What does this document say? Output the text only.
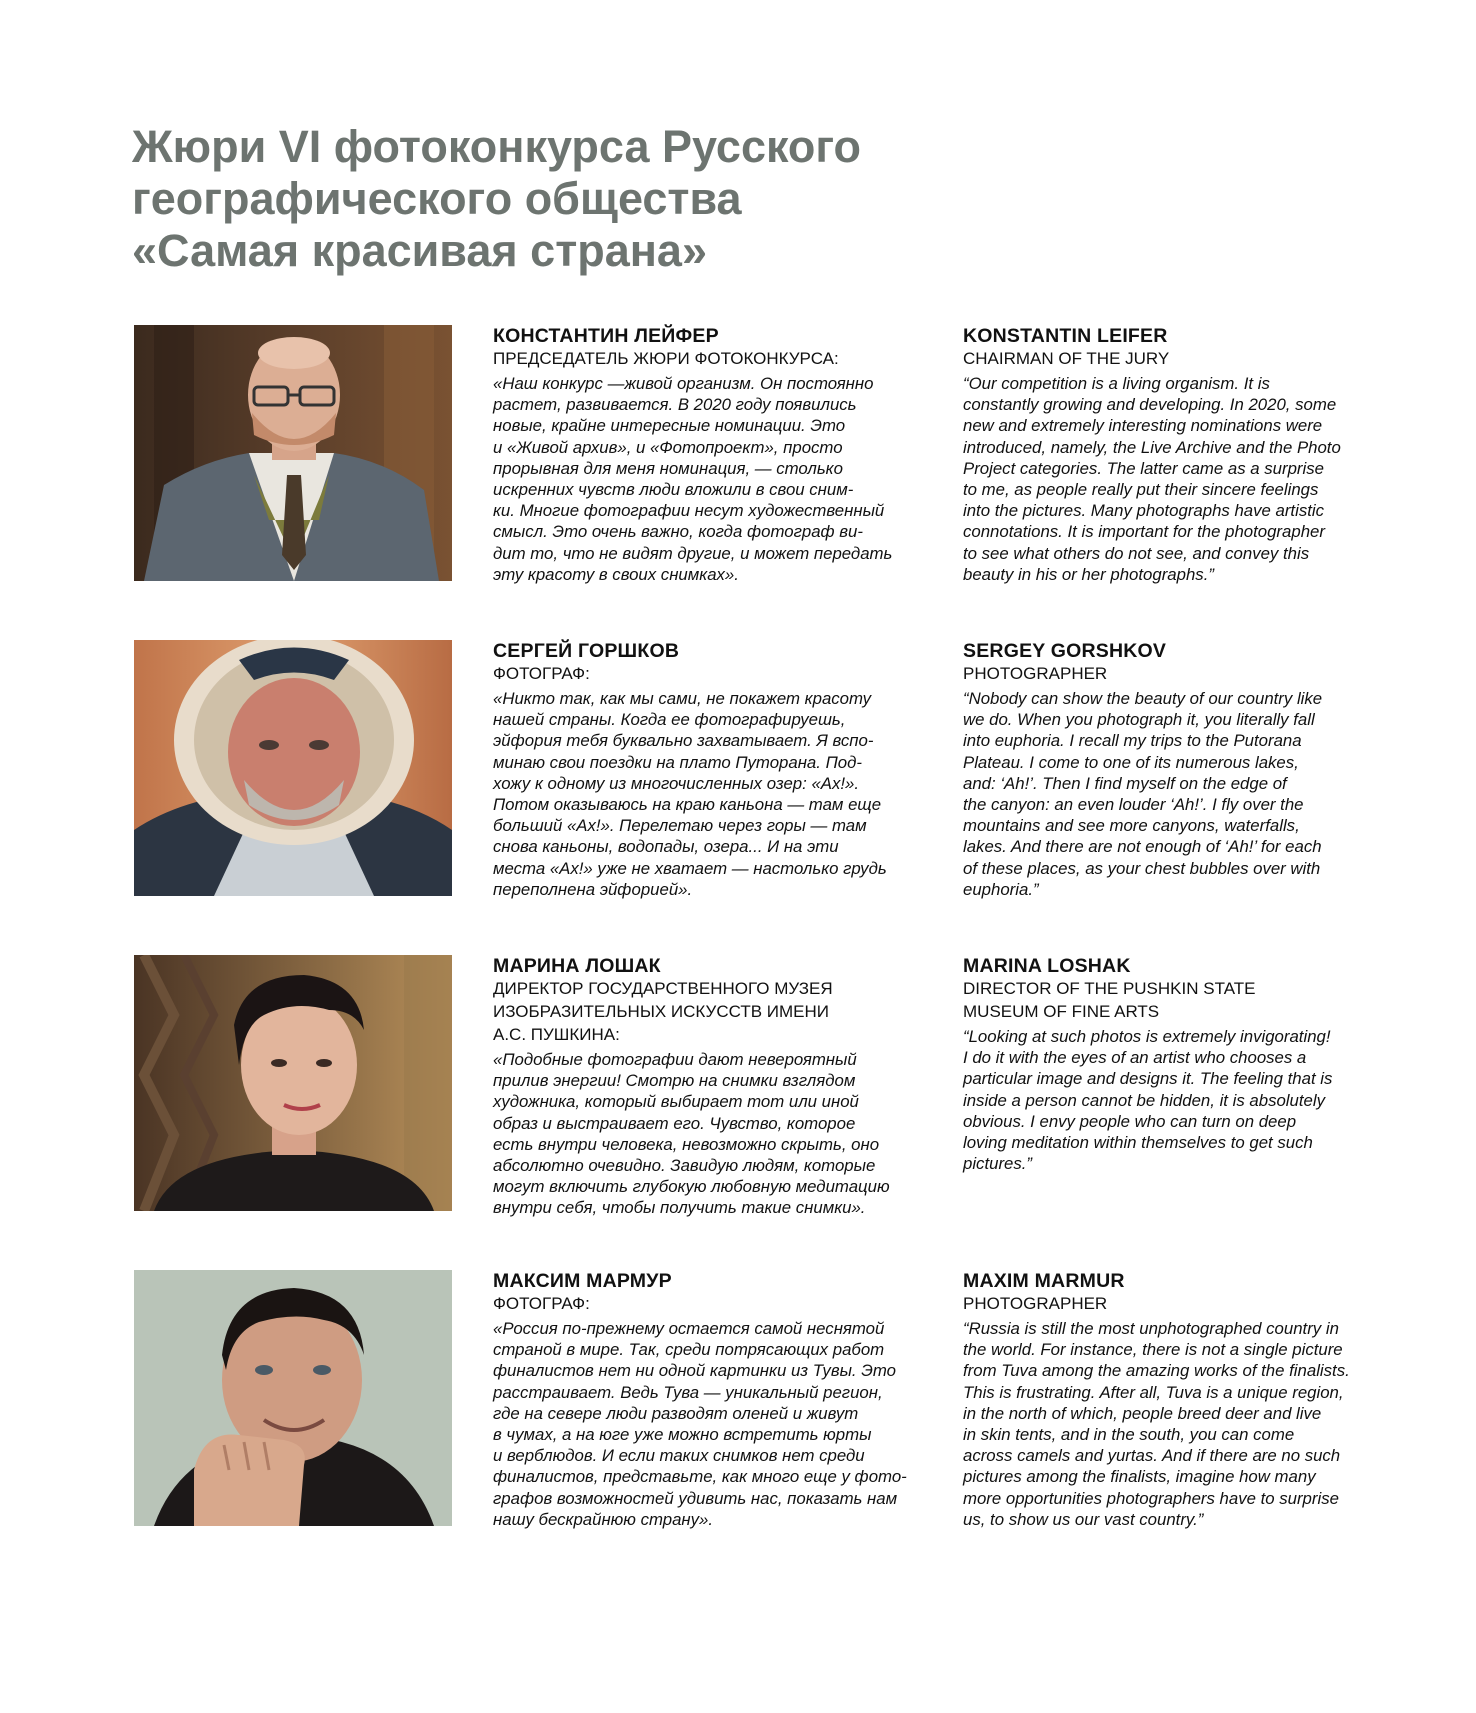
Жюри VI фотоконкурса Русского
географического общества
«Самая красивая страна»
КОНСТАНТИН ЛЕЙФЕР
ПРЕДСЕДАТЕЛЬ ЖЮРИ ФОТОКОНКУРСА:
«Наш конкурс —живой организм. Он постоянно
растет, развивается. В 2020 году появились
новые, крайне интересные номинации. Это
и «Живой архив», и «Фотопроект», просто
прорывная для меня номинация, — столько
искренних чувств люди вложили в свои сним-
ки. Многие фотографии несут художественный
смысл. Это очень важно, когда фотограф ви-
дит то, что не видят другие, и может передать
эту красоту в своих снимках».
KONSTANTIN LEIFER
CHAIRMAN OF THE JURY
“Our competition is a living organism. It is
constantly growing and developing. In 2020, some
new and extremely interesting nominations were
introduced, namely, the Live Archive and the Photo
Project categories. The latter came as a surprise
to me, as people really put their sincere feelings
into the pictures. Many photographs have artistic
connotations. It is important for the photographer
to see what others do not see, and convey this
beauty in his or her photographs.”
СЕРГЕЙ ГОРШКОВ
ФОТОГРАФ:
«Никто так, как мы сами, не покажет красоту
нашей страны. Когда ее фотографируешь,
эйфория тебя буквально захватывает. Я вспо-
минаю свои поездки на плато Путорана. Под-
хожу к одному из многочисленных озер: «Ах!».
Потом оказываюсь на краю каньона — там еще
больший «Ах!». Перелетаю через горы — там
снова каньоны, водопады, озера... И на эти
места «Ах!» уже не хватает — настолько грудь
переполнена эйфорией».
SERGEY GORSHKOV
PHOTOGRAPHER
“Nobody can show the beauty of our country like
we do. When you photograph it, you literally fall
into euphoria. I recall my trips to the Putorana
Plateau. I come to one of its numerous lakes,
and: ‘Ah!’. Then I find myself on the edge of
the canyon: an even louder ‘Ah!’. I fly over the
mountains and see more canyons, waterfalls,
lakes. And there are not enough of ‘Ah!’ for each
of these places, as your chest bubbles over with
euphoria.”
МАРИНА ЛОШАК
ДИРЕКТОР ГОСУДАРСТВЕННОГО МУЗЕЯ
ИЗОБРАЗИТЕЛЬНЫХ ИСКУССТВ ИМЕНИ
А.С. ПУШКИНА:
«Подобные фотографии дают невероятный
прилив энергии! Смотрю на снимки взглядом
художника, который выбирает тот или иной
образ и выстраивает его. Чувство, которое
есть внутри человека, невозможно скрыть, оно
абсолютно очевидно. Завидую людям, которые
могут включить глубокую любовную медитацию
внутри себя, чтобы получить такие снимки».
MARINA LOSHAK
DIRECTOR OF THE PUSHKIN STATE
MUSEUM OF FINE ARTS
“Looking at such photos is extremely invigorating!
I do it with the eyes of an artist who chooses a
particular image and designs it. The feeling that is
inside a person cannot be hidden, it is absolutely
obvious. I envy people who can turn on deep
loving meditation within themselves to get such
pictures.”
МАКСИМ МАРМУР
ФОТОГРАФ:
«Россия по-прежнему остается самой неснятой
страной в мире. Так, среди потрясающих работ
финалистов нет ни одной картинки из Тувы. Это
расстраивает. Ведь Тува — уникальный регион,
где на севере люди разводят оленей и живут
в чумах, а на юге уже можно встретить юрты
и верблюдов. И если таких снимков нет среди
финалистов, представьте, как много еще у фото-
графов возможностей удивить нас, показать нам
нашу бескрайнюю страну».
MAXIM MARMUR
PHOTOGRAPHER
“Russia is still the most unphotographed country in
the world. For instance, there is not a single picture
from Tuva among the amazing works of the finalists.
This is frustrating. After all, Tuva is a unique region,
in the north of which, people breed deer and live
in skin tents, and in the south, you can come
across camels and yurtas. And if there are no such
pictures among the finalists, imagine how many
more opportunities photographers have to surprise
us, to show us our vast country.”
